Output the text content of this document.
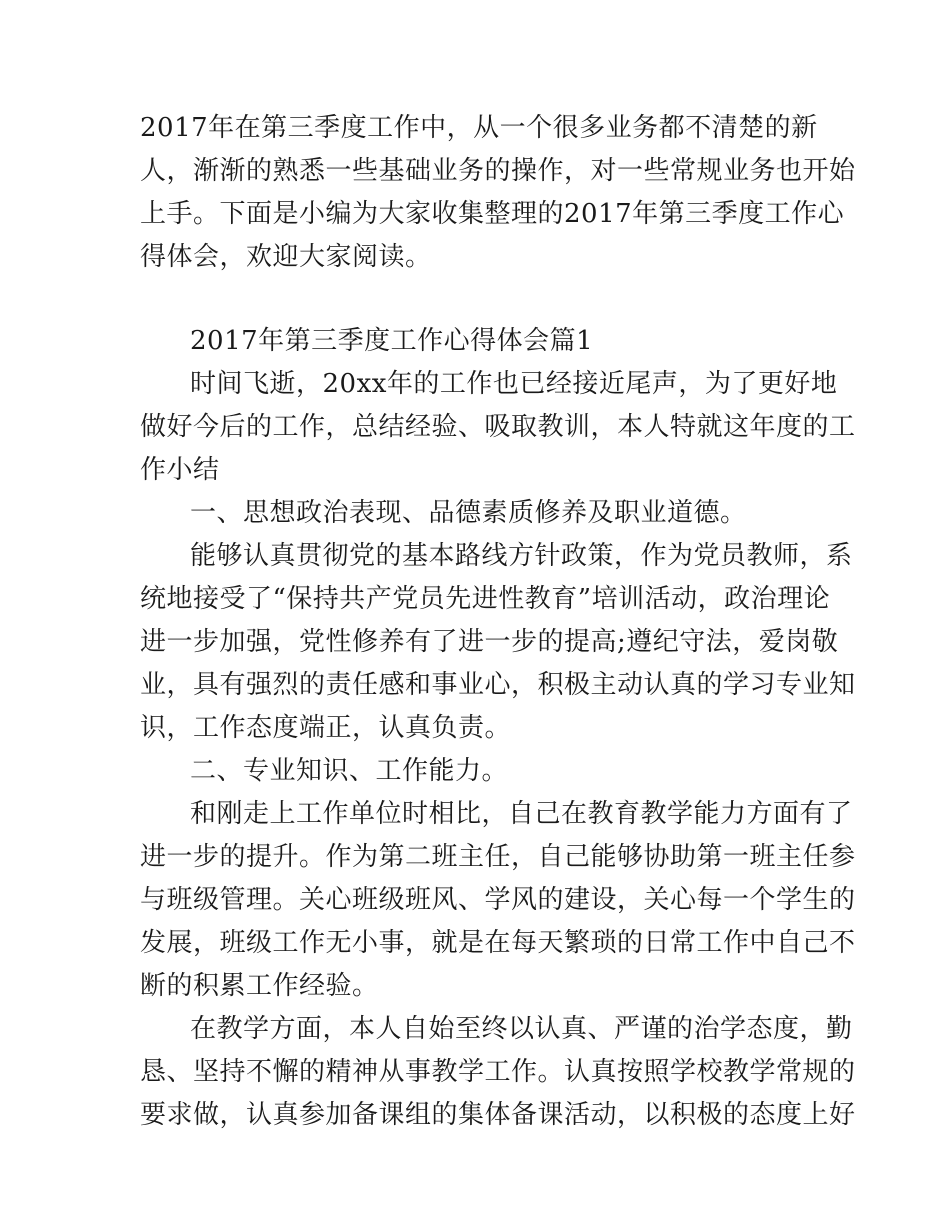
2017年在第三季度工作中，从一个很多业务都不清楚的新
人，渐渐的熟悉一些基础业务的操作，对一些常规业务也开始
上手。下面是小编为大家收集整理的2017年第三季度工作心
得体会，欢迎大家阅读。
2017年第三季度工作心得体会篇1
时间飞逝，20xx年的工作也已经接近尾声，为了更好地
做好今后的工作，总结经验、吸取教训，本人特就这年度的工
作小结
一、思想政治表现、品德素质修养及职业道德。
能够认真贯彻党的基本路线方针政策，作为党员教师，系
统地接受了“保持共产党员先进性教育”培训活动，政治理论
进一步加强，党性修养有了进一步的提高;遵纪守法，爱岗敬
业，具有强烈的责任感和事业心，积极主动认真的学习专业知
识，工作态度端正，认真负责。
二、专业知识、工作能力。
和刚走上工作单位时相比，自己在教育教学能力方面有了
进一步的提升。作为第二班主任，自己能够协助第一班主任参
与班级管理。关心班级班风、学风的建设，关心每一个学生的
发展，班级工作无小事，就是在每天繁琐的日常工作中自己不
断的积累工作经验。
在教学方面，本人自始至终以认真、严谨的治学态度，勤
恳、坚持不懈的精神从事教学工作。认真按照学校教学常规的
要求做，认真参加备课组的集体备课活动，以积极的态度上好
